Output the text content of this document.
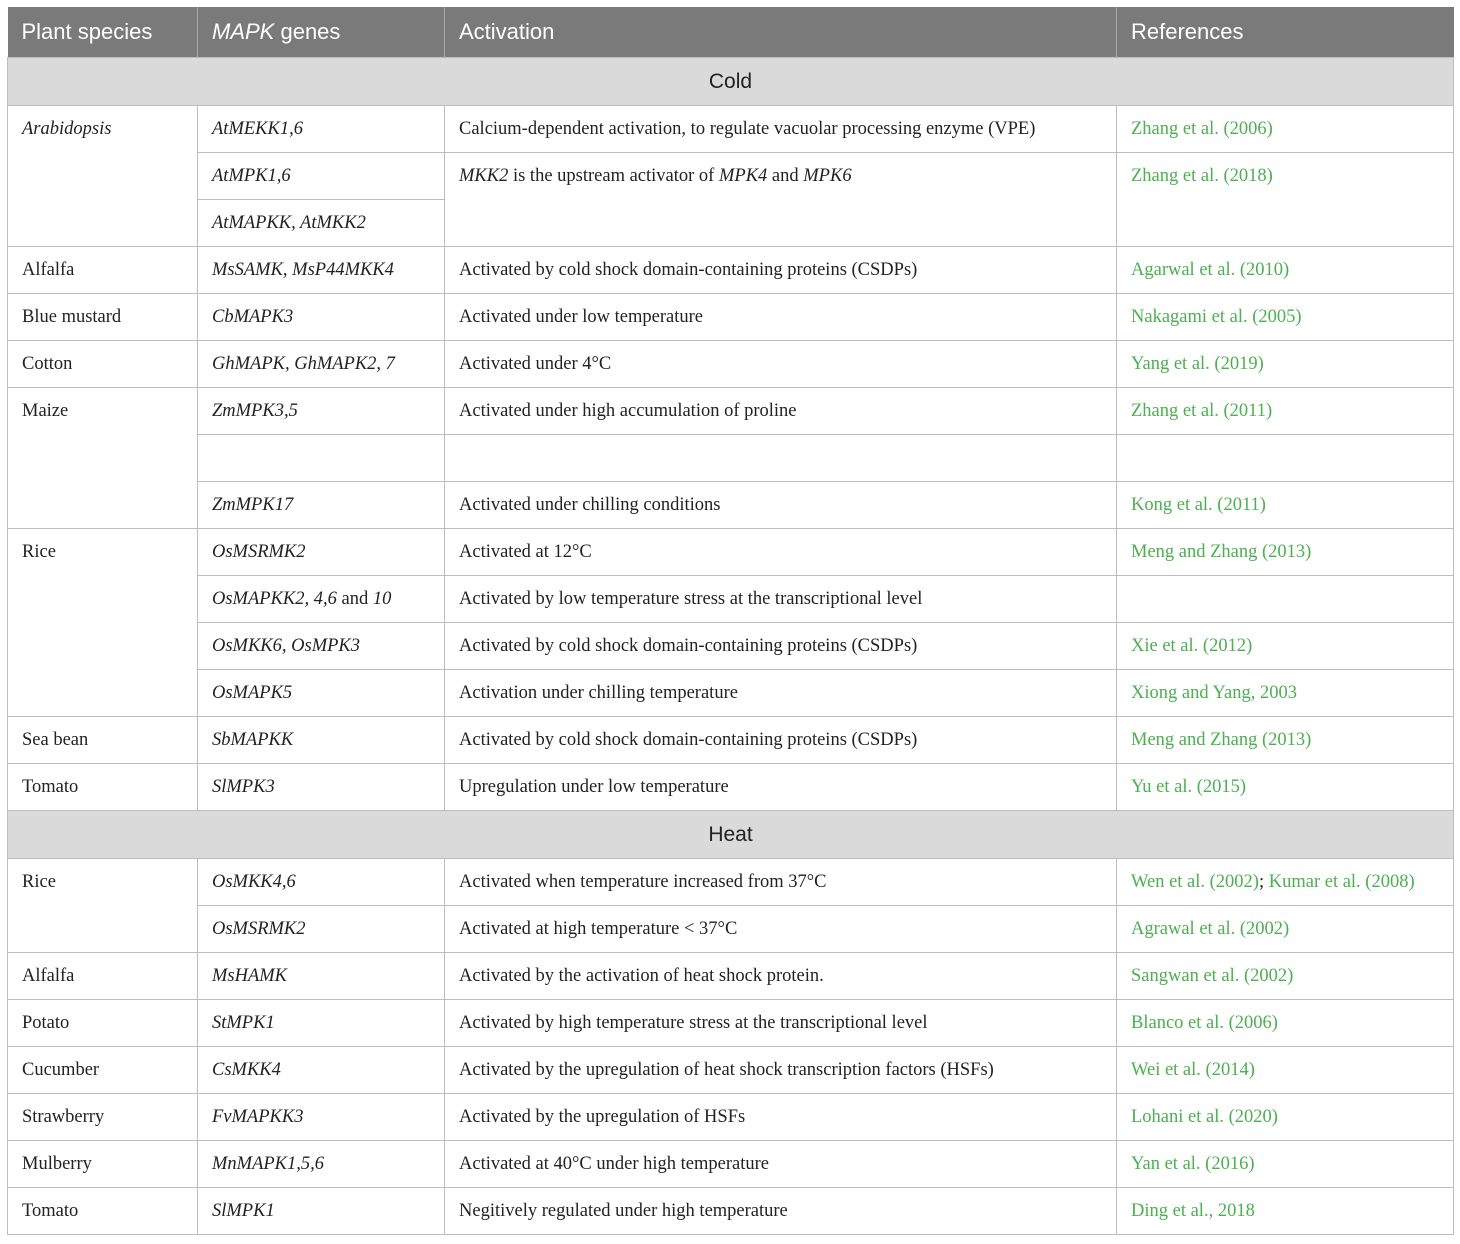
Plant species	MAPK genes	Activation	References
Cold			
Arabidopsis	AtMEKK1,6	Calcium-dependent activation, to regulate vacuolar processing enzyme (VPE)	Zhang et al. (2006)
	AtMPK1,6	MKK2 is the upstream activator of MPK4 and MPK6	Zhang et al. (2018)
	AtMAPKK, AtMKK2		
Alfalfa	MsSAMK, MsP44MKK4	Activated by cold shock domain-containing proteins (CSDPs)	Agarwal et al. (2010)
Blue mustard	CbMAPK3	Activated under low temperature	Nakagami et al. (2005)
Cotton	GhMAPK, GhMAPK2, 7	Activated under 4°C	Yang et al. (2019)
Maize	ZmMPK3,5	Activated under high accumulation of proline	Zhang et al. (2011)

	ZmMPK17	Activated under chilling conditions	Kong et al. (2011)
Rice	OsMSRMK2	Activated at 12°C	Meng and Zhang (2013)
	OsMAPKK2, 4,6 and 10	Activated by low temperature stress at the transcriptional level	
	OsMKK6, OsMPK3	Activated by cold shock domain-containing proteins (CSDPs)	Xie et al. (2012)
	OsMAPK5	Activation under chilling temperature	Xiong and Yang, 2003
Sea bean	SbMAPKK	Activated by cold shock domain-containing proteins (CSDPs)	Meng and Zhang (2013)
Tomato	SlMPK3	Upregulation under low temperature	Yu et al. (2015)
Heat			
Rice	OsMKK4,6	Activated when temperature increased from 37°C	Wen et al. (2002); Kumar et al. (2008)
	OsMSRMK2	Activated at high temperature < 37°C	Agrawal et al. (2002)
Alfalfa	MsHAMK	Activated by the activation of heat shock protein.	Sangwan et al. (2002)
Potato	StMPK1	Activated by high temperature stress at the transcriptional level	Blanco et al. (2006)
Cucumber	CsMKK4	Activated by the upregulation of heat shock transcription factors (HSFs)	Wei et al. (2014)
Strawberry	FvMAPKK3	Activated by the upregulation of HSFs	Lohani et al. (2020)
Mulberry	MnMAPK1,5,6	Activated at 40°C under high temperature	Yan et al. (2016)
Tomato	SlMPK1	Negitively regulated under high temperature	Ding et al., 2018
